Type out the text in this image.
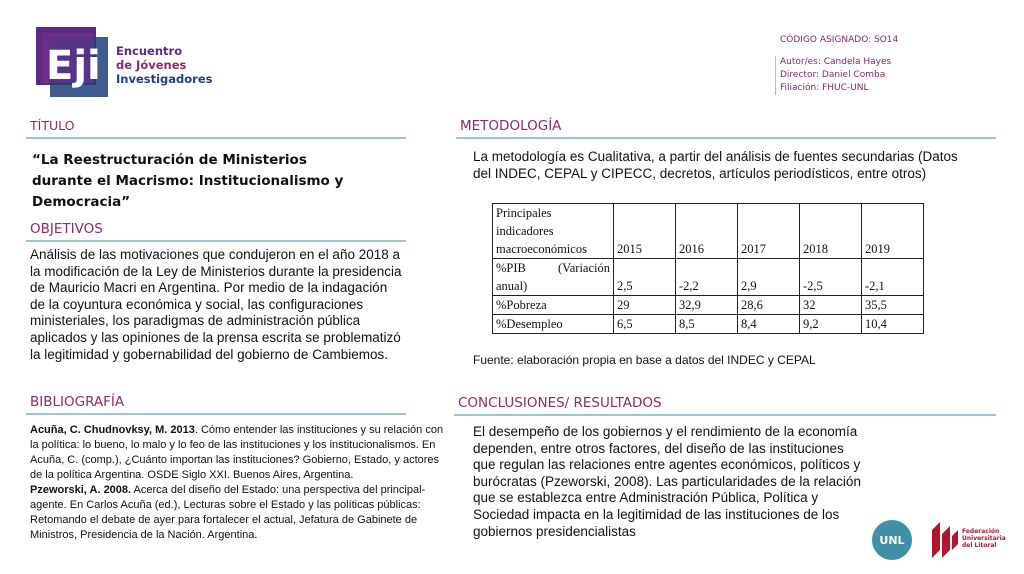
Eji Encuentro
de Jóvenes
Investigadores
CÓDIGO ASIGNADO: SO14
Autor/es: Candela Hayes
Director: Daniel Comba
Filiación: FHUC-UNL
TÍTULO
“La Reestructuración de Ministerios durante el Macrismo: Institucionalismo y Democracia”
OBJETIVOS
Análisis de las motivaciones que condujeron en el año 2018 a la modificación de la Ley de Ministerios durante la presidencia de Mauricio Macri en Argentina. Por medio de la indagación de la coyuntura económica y social, las configuraciones ministeriales, los paradigmas de administración pública aplicados y las opiniones de la prensa escrita se problematizó la legitimidad y gobernabilidad del gobierno de Cambiemos.
BIBLIOGRAFÍA
Acuña, C. Chudnovksy, M. 2013. Cómo entender las instituciones y su relación con la política: lo bueno, lo malo y lo feo de las instituciones y los institucionalismos. En Acuña, C. (comp.), ¿Cuánto importan las instituciones? Gobierno, Estado, y actores de la política Argentina. OSDE Siglo XXI. Buenos Aires, Argentina.
Pzeworski, A. 2008. Acerca del diseño del Estado: una perspectiva del principal-agente. En Carlos Acuña (ed.), Lecturas sobre el Estado y las políticas públicas: Retomando el debate de ayer para fortalecer el actual, Jefatura de Gabinete de Ministros, Presidencia de la Nación. Argentina.
METODOLOGÍA
La metodología es Cualitativa, a partir del análisis de fuentes secundarias (Datos del INDEC, CEPAL y CIPECC, decretos, artículos periodísticos, entre otros)
Principales indicadores macroeconómicos	2015	2016	2017	2018	2019

%PIB (Variación
anual)	2,5	-2,2	2,9	-2,5	-2,1
%Pobreza	29	32,9	28,6	32	35,5
%Desempleo	6,5	8,5	8,4	9,2	10,4
Fuente: elaboración propia en base a datos del INDEC y CEPAL
CONCLUSIONES/ RESULTADOS
El desempeño de los gobiernos y el rendimiento de la economía dependen, entre otros factores, del diseño de las instituciones que regulan las relaciones entre agentes económicos, políticos y burócratas (Pzeworski, 2008). Las particularidades de la relación que se establezca entre Administración Pública, Política y Sociedad impacta en la legitimidad de las instituciones de los gobiernos presidencialistas
UNL
Federación Universitaria del Litoral
